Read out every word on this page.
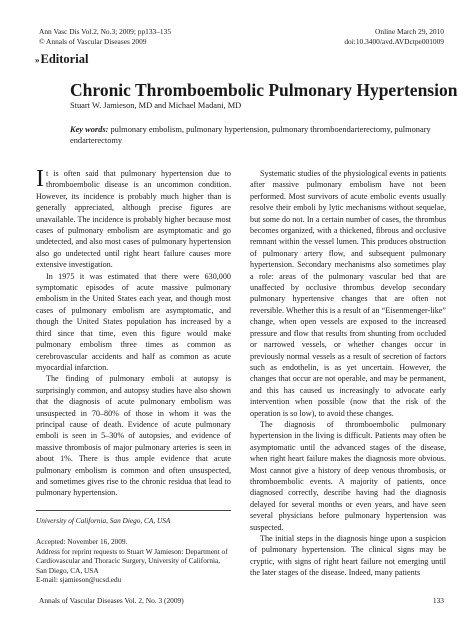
Ann Vasc Dis Vol.2, No.3; 2009; pp133–135
© Annals of Vascular Diseases 2009
Online March 29, 2010
doi:10.3400/avd.AVDctpe001009
» Editorial
Chronic Thromboembolic Pulmonary Hypertension
Stuart W. Jamieson, MD and Michael Madani, MD
Key words: pulmonary embolism, pulmonary hypertension, pulmonary thromboendarterectomy, pulmonary endarterectomy

It is often said that pulmonary hypertension due to thromboembolic disease is an uncommon condition. However, its incidence is probably much higher than is generally appreciated, although precise figures are unavailable. The incidence is probably higher because most cases of pulmonary embolism are asymptomatic and go undetected, and also most cases of pulmonary hypertension also go undetected until right heart failure causes more extensive investigation.

In 1975 it was estimated that there were 630,000 symptomatic episodes of acute massive pulmonary embolism in the United States each year, and though most cases of pulmonary embolism are asymptomatic, and though the United States population has increased by a third since that time, even this figure would make pulmonary embolism three times as common as cerebrovascular accidents and half as common as acute myocardial infarction.

The finding of pulmonary emboli at autopsy is surprisingly common, and autopsy studies have also shown that the diagnosis of acute pulmonary embolism was unsuspected in 70–80% of those in whom it was the principal cause of death. Evidence of acute pulmonary emboli is seen in 5–30% of autopsies, and evidence of massive thrombosis of major pulmonary arteries is seen in about 1%. There is thus ample evidence that acute pulmonary embolism is common and often unsuspected, and sometimes gives rise to the chronic residua that lead to pulmonary hypertension.

Systematic studies of the physiological events in patients after massive pulmonary embolism have not been performed. Most survivors of acute embolic events usually resolve their emboli by lytic mechanisms without sequelae, but some do not. In a certain number of cases, the thrombus becomes organized, with a thickened, fibrous and occlusive remnant within the vessel lumen. This produces obstruction of pulmonary artery flow, and subsequent pulmonary hypertension. Secondary mechanisms also sometimes play a role: areas of the pulmonary vascular bed that are unaffected by occlusive thrombus develop secondary pulmonary hypertensive changes that are often not reversible. Whether this is a result of an “Eisenmenger-like” change, when open vessels are exposed to the increased pressure and flow that results from shunting from occluded or narrowed vessels, or whether changes occur in previously normal vessels as a result of secretion of factors such as endothelin, is as yet uncertain. However, the changes that occur are not operable, and may be permanent, and this has caused us increasingly to advocate early intervention when possible (now that the risk of the operation is so low), to avoid these changes.

The diagnosis of thromboembolic pulmonary hypertension in the living is difficult. Patients may often be asymptomatic until the advanced stages of the disease, when right heart failure makes the diagnosis more obvious. Most cannot give a history of deep venous thrombosis, or thromboembolic events. A majority of patients, once diagnosed correctly, describe having had the diagnosis delayed for several months or even years, and have seen several physicians before pulmonary hypertension was suspected.

The initial steps in the diagnosis hinge upon a suspicion of pulmonary hypertension. The clinical signs may be cryptic, with signs of right heart failure not emerging until the later stages of the disease. Indeed, many patients

University of California, San Diego, CA, USA
Accepted: November 16, 2009.
Address for reprint requests to Stuart W Jamieson: Department of Cardiovascular and Thoracic Surgery, University of California, San Diego, CA, USA
E-mail: sjamieson@ucsd.edu
Annals of Vascular Diseases Vol. 2, No. 3 (2009)	133
